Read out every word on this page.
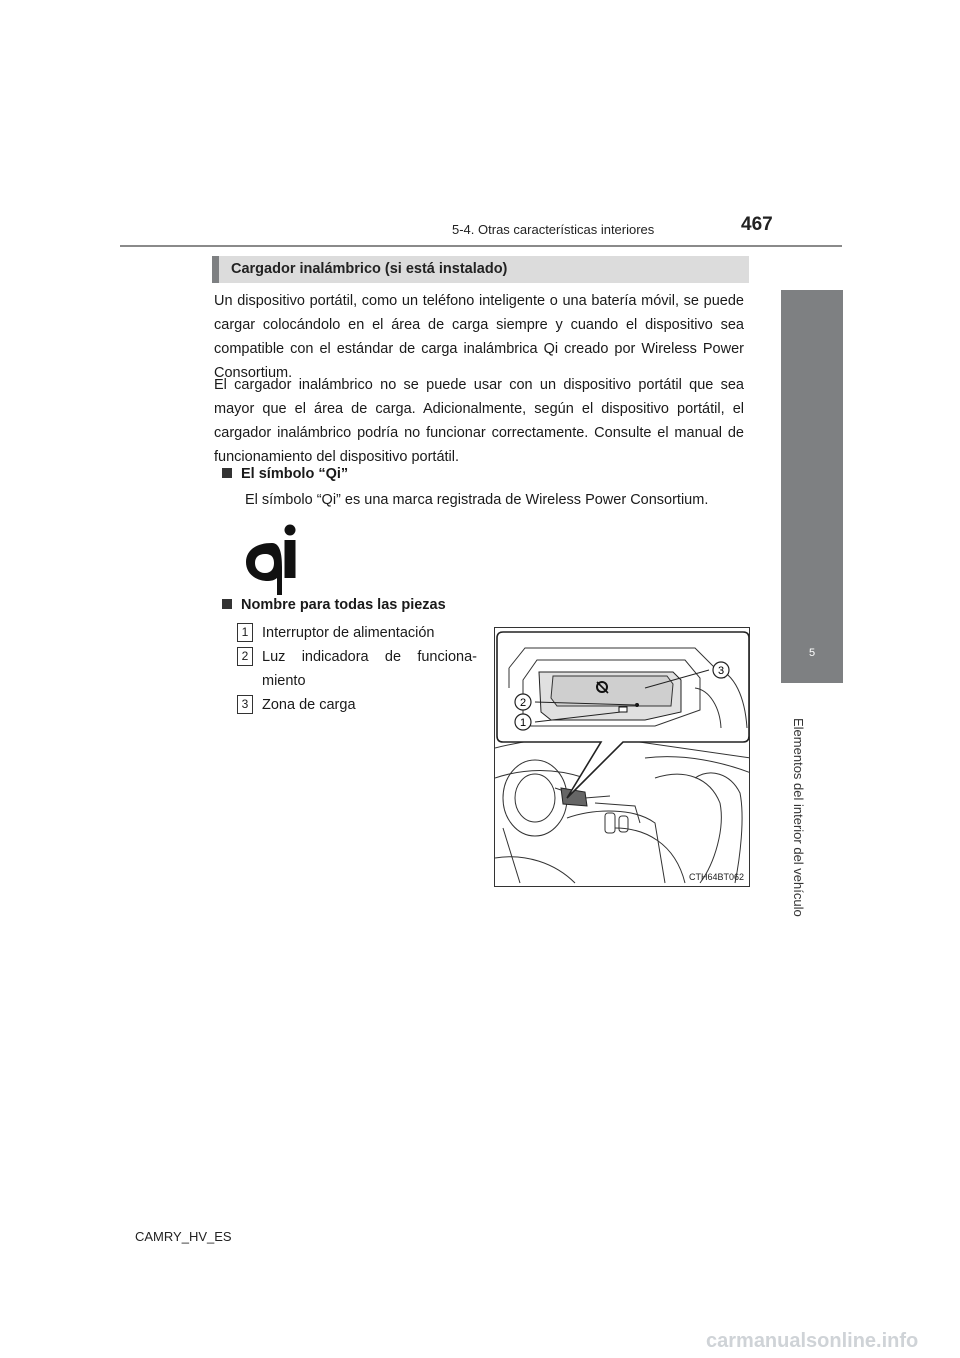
5-4. Otras características interiores	467
5
Elementos del interior del vehículo
Cargador inalámbrico (si está instalado)

Un dispositivo portátil, como un teléfono inteligente o una batería móvil, se puede cargar colocándolo en el área de carga siempre y cuando el dispositivo sea compatible con el estándar de carga inalámbrica Qi creado por Wireless Power Consortium.

El cargador inalámbrico no se puede usar con un dispositivo portátil que sea mayor que el área de carga. Adicionalmente, según el dispositivo portátil, el cargador inalámbrico podría no funcionar correctamente. Consulte el manual de funcionamiento del dispositivo portátil.

El símbolo “Qi”
El símbolo “Qi” es una marca registrada de Wireless Power Consortium.
Nombre para todas las piezas
1 Interruptor de alimentación
2 Luz indicadora de funciona-miento
3 Zona de carga
3
2
1
CTH64BT062
CAMRY_HV_ES
carmanualsonline.info
